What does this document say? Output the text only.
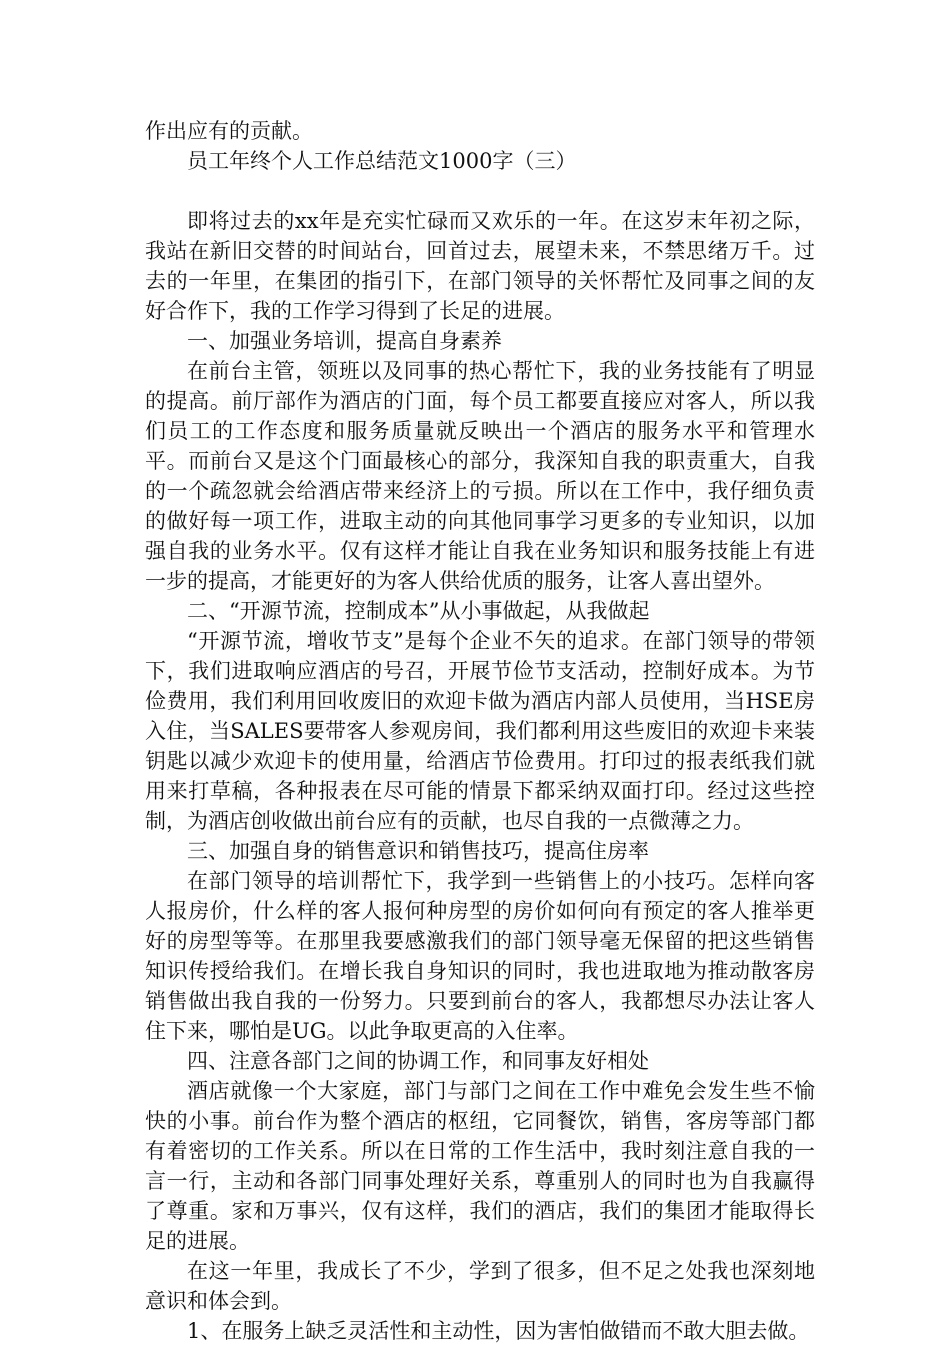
作出应有的贡献。

员工年终个人工作总结范文1000字（三）

即将过去的xx年是充实忙碌而又欢乐的一年。在这岁末年初之际，我站在新旧交替的时间站台，回首过去，展望未来，不禁思绪万千。过去的一年里，在集团的指引下，在部门领导的关怀帮忙及同事之间的友好合作下，我的工作学习得到了长足的进展。

一、加强业务培训，提高自身素养

在前台主管，领班以及同事的热心帮忙下，我的业务技能有了明显的提高。前厅部作为酒店的门面，每个员工都要直接应对客人，所以我们员工的工作态度和服务质量就反映出一个酒店的服务水平和管理水平。而前台又是这个门面最核心的部分，我深知自我的职责重大，自我的一个疏忽就会给酒店带来经济上的亏损。所以在工作中，我仔细负责的做好每一项工作，进取主动的向其他同事学习更多的专业知识，以加强自我的业务水平。仅有这样才能让自我在业务知识和服务技能上有进一步的提高，才能更好的为客人供给优质的服务，让客人喜出望外。

二、“开源节流，控制成本”从小事做起，从我做起

“开源节流，增收节支”是每个企业不矢的追求。在部门领导的带领下，我们进取响应酒店的号召，开展节俭节支活动，控制好成本。为节俭费用，我们利用回收废旧的欢迎卡做为酒店内部人员使用，当HSE房入住，当SALES要带客人参观房间，我们都利用这些废旧的欢迎卡来装钥匙以减少欢迎卡的使用量，给酒店节俭费用。打印过的报表纸我们就用来打草稿，各种报表在尽可能的情景下都采纳双面打印。经过这些控制，为酒店创收做出前台应有的贡献，也尽自我的一点微薄之力。

三、加强自身的销售意识和销售技巧，提高住房率

在部门领导的培训帮忙下，我学到一些销售上的小技巧。怎样向客人报房价，什么样的客人报何种房型的房价如何向有预定的客人推举更好的房型等等。在那里我要感激我们的部门领导毫无保留的把这些销售知识传授给我们。在增长我自身知识的同时，我也进取地为推动散客房销售做出我自我的一份努力。只要到前台的客人，我都想尽办法让客人住下来，哪怕是UG。以此争取更高的入住率。

四、注意各部门之间的协调工作，和同事友好相处

酒店就像一个大家庭，部门与部门之间在工作中难免会发生些不愉快的小事。前台作为整个酒店的枢纽，它同餐饮，销售，客房等部门都有着密切的工作关系。所以在日常的工作生活中，我时刻注意自我的一言一行，主动和各部门同事处理好关系，尊重别人的同时也为自我赢得了尊重。家和万事兴，仅有这样，我们的酒店，我们的集团才能取得长足的进展。

在这一年里，我成长了不少，学到了很多，但不足之处我也深刻地意识和体会到。

1、在服务上缺乏灵活性和主动性，因为害怕做错而不敢大胆去做。
